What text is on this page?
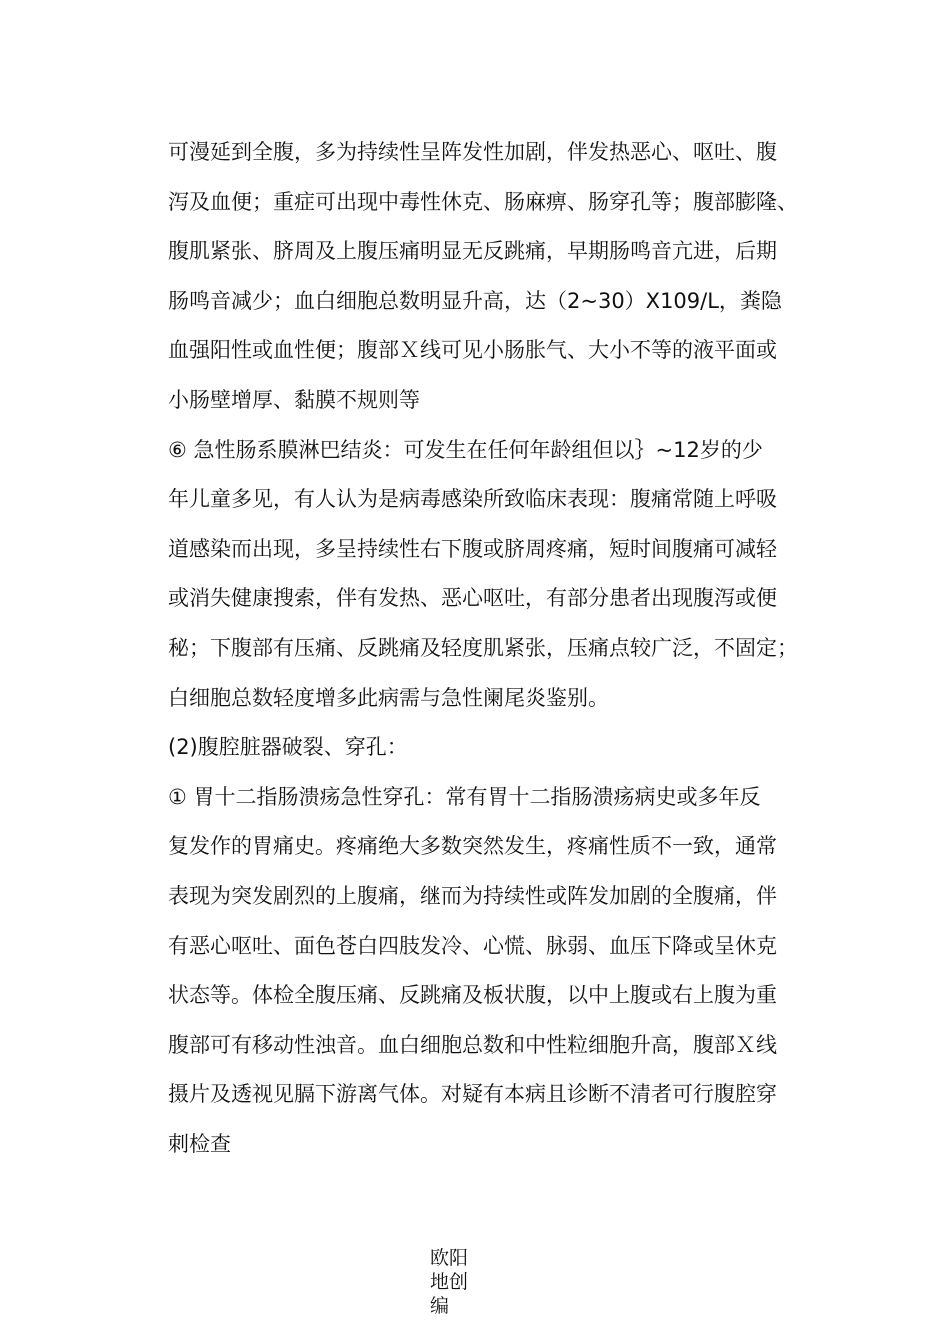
可漫延到全腹，多为持续性呈阵发性加剧，伴发热恶心、呕吐、腹
泻及血便；重症可出现中毒性休克、肠麻痹、肠穿孔等；腹部膨隆、
腹肌紧张、脐周及上腹压痛明显无反跳痛，早期肠鸣音亢进，后期
肠鸣音减少；血白细胞总数明显升高，达（2~30）X109/L，粪隐
血强阳性或血性便；腹部Ｘ线可见小肠胀气、大小不等的液平面或
小肠壁增厚、黏膜不规则等

⑥ 急性肠系膜淋巴结炎：可发生在任何年龄组但以｝~12岁的少
年儿童多见，有人认为是病毒感染所致临床表现：腹痛常随上呼吸
道感染而出现，多呈持续性右下腹或脐周疼痛，短时间腹痛可减轻
或消失健康搜索，伴有发热、恶心呕吐，有部分患者出现腹泻或便
秘；下腹部有压痛、反跳痛及轻度肌紧张，压痛点较广泛，不固定；
白细胞总数轻度增多此病需与急性阑尾炎鉴别。

(2)腹腔脏器破裂、穿孔：

① 胃十二指肠溃疡急性穿孔：常有胃十二指肠溃疡病史或多年反
复发作的胃痛史。疼痛绝大多数突然发生，疼痛性质不一致，通常
表现为突发剧烈的上腹痛，继而为持续性或阵发加剧的全腹痛，伴
有恶心呕吐、面色苍白四肢发冷、心慌、脉弱、血压下降或呈休克
状态等。体检全腹压痛、反跳痛及板状腹，以中上腹或右上腹为重
腹部可有移动性浊音。血白细胞总数和中性粒细胞升高，腹部Ｘ线
摄片及透视见膈下游离气体。对疑有本病且诊断不清者可行腹腔穿
刺检查

欧阳
地创
编
